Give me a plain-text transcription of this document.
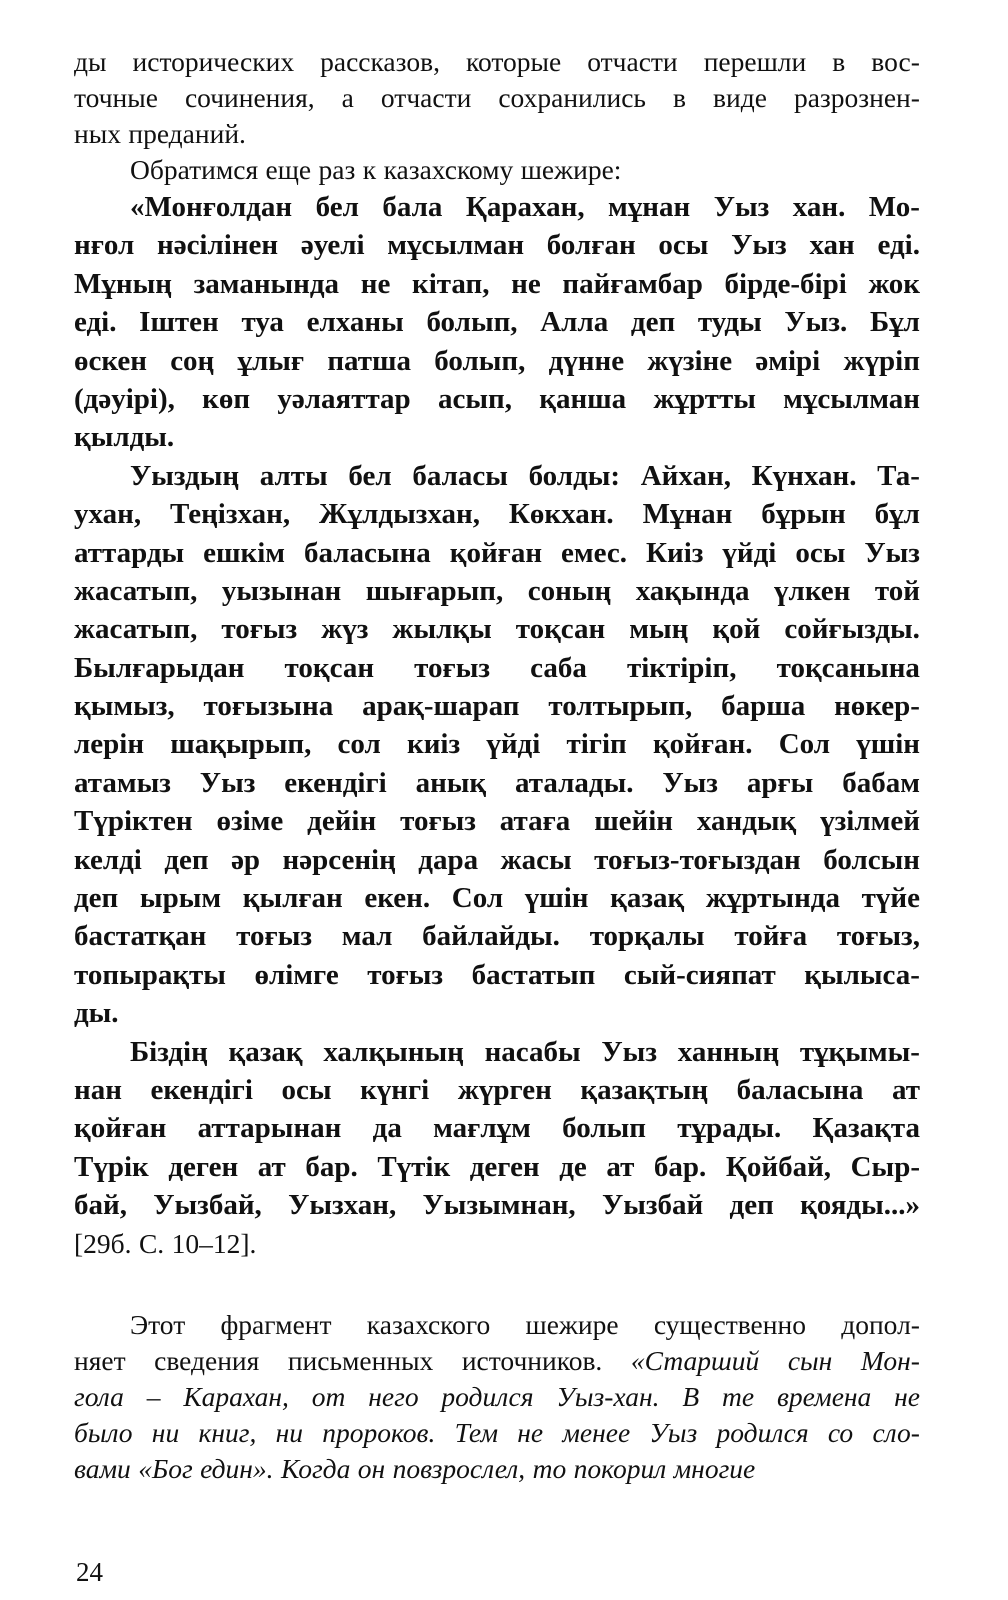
ды исторических рассказов, которые отчасти перешли в вос-
точные сочинения, а отчасти сохранились в виде разрознен-
ных преданий.
Обратимся еще раз к казахскому шежире:
«Монғолдан бел бала Қарахан, мұнан Уыз хан. Мо-
нғол нәсілінен әуелі мұсылман болған осы Уыз хан еді.
Мұның заманында не кітап, не пайғамбар бірде-бірі жок
еді. Іштен туа елханы болып, Алла деп туды Уыз. Бұл
өскен соң ұлығ патша болып, дүнне жүзіне әмірі жүріп
(дәуірі), көп уәлаяттар асып, қанша жұртты мұсылман
қылды.
Уыздың алты бел баласы болды: Айхан, Күнхан. Та-
ухан, Теңізхан, Жұлдызхан, Көкхан. Мұнан бұрын бұл
аттарды ешкім баласына қойған емес. Киіз үйді осы Уыз
жасатып, уызынан шығарып, соның хақында үлкен той
жасатып, тоғыз жүз жылқы тоқсан мың қой сойғызды.
Былғарыдан тоқсан тоғыз саба тіктіріп, тоқсанына
қымыз, тоғызына арақ-шарап толтырып, барша нөкер-
лерін шақырып, сол киіз үйді тігіп қойған. Сол үшін
атамыз Уыз екендігі анық аталады. Уыз арғы бабам
Түріктен өзіме дейін тоғыз атаға шейін хандық үзілмей
келді деп әр нәрсенің дара жасы тоғыз-тоғыздан болсын
деп ырым қылған екен. Сол үшін қазақ жұртында түйе
бастатқан тоғыз мал байлайды. торқалы тойға тоғыз,
топырақты өлімге тоғыз бастатып сый-сияпат қылыса-
ды.
Біздің қазақ халқының насабы Уыз ханның тұқымы-
нан екендігі осы күнгі жүрген қазақтың баласына ат
қойған аттарынан да мағлұм болып тұрады. Қазақта
Түрік деген ат бар. Түтік деген де ат бар. Қойбай, Сыр-
бай, Уызбай, Уызхан, Уызымнан, Уызбай деп қояды...»
[29б. С. 10–12].
Этот фрагмент казахского шежире существенно допол-
няет сведения письменных источников. «Старший сын Мон-
гола – Карахан, от него родился Уыз-хан. В те времена не
было ни книг, ни пророков. Тем не менее Уыз родился со сло-
вами «Бог един». Когда он повзрослел, то покорил многие
24
